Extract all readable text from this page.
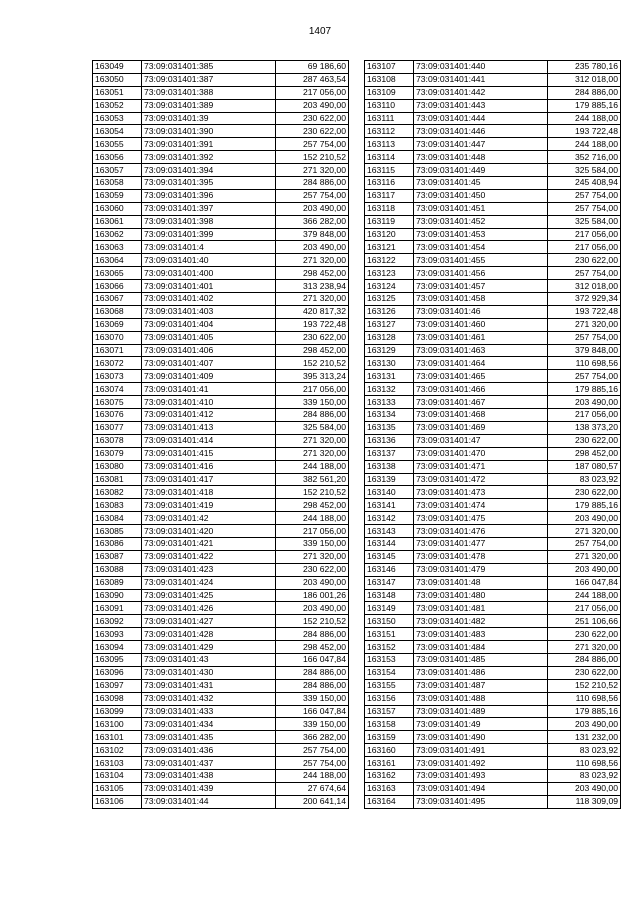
1407
163049	73:09:031401:385	69 186,60
163050	73:09:031401:387	287 463,54
163051	73:09:031401:388	217 056,00
163052	73:09:031401:389	203 490,00
163053	73:09:031401:39	230 622,00
163054	73:09:031401:390	230 622,00
163055	73:09:031401:391	257 754,00
163056	73:09:031401:392	152 210,52
163057	73:09:031401:394	271 320,00
163058	73:09:031401:395	284 886,00
163059	73:09:031401:396	257 754,00
163060	73:09:031401:397	203 490,00
163061	73:09:031401:398	366 282,00
163062	73:09:031401:399	379 848,00
163063	73:09:031401:4	203 490,00
163064	73:09:031401:40	271 320,00
163065	73:09:031401:400	298 452,00
163066	73:09:031401:401	313 238,94
163067	73:09:031401:402	271 320,00
163068	73:09:031401:403	420 817,32
163069	73:09:031401:404	193 722,48
163070	73:09:031401:405	230 622,00
163071	73:09:031401:406	298 452,00
163072	73:09:031401:407	152 210,52
163073	73:09:031401:409	395 313,24
163074	73:09:031401:41	217 056,00
163075	73:09:031401:410	339 150,00
163076	73:09:031401:412	284 886,00
163077	73:09:031401:413	325 584,00
163078	73:09:031401:414	271 320,00
163079	73:09:031401:415	271 320,00
163080	73:09:031401:416	244 188,00
163081	73:09:031401:417	382 561,20
163082	73:09:031401:418	152 210,52
163083	73:09:031401:419	298 452,00
163084	73:09:031401:42	244 188,00
163085	73:09:031401:420	217 056,00
163086	73:09:031401:421	339 150,00
163087	73:09:031401:422	271 320,00
163088	73:09:031401:423	230 622,00
163089	73:09:031401:424	203 490,00
163090	73:09:031401:425	186 001,26
163091	73:09:031401:426	203 490,00
163092	73:09:031401:427	152 210,52
163093	73:09:031401:428	284 886,00
163094	73:09:031401:429	298 452,00
163095	73:09:031401:43	166 047,84
163096	73:09:031401:430	284 886,00
163097	73:09:031401:431	284 886,00
163098	73:09:031401:432	339 150,00
163099	73:09:031401:433	166 047,84
163100	73:09:031401:434	339 150,00
163101	73:09:031401:435	366 282,00
163102	73:09:031401:436	257 754,00
163103	73:09:031401:437	257 754,00
163104	73:09:031401:438	244 188,00
163105	73:09:031401:439	27 674,64
163106	73:09:031401:44	200 641,14
163107	73:09:031401:440	235 780,16
163108	73:09:031401:441	312 018,00
163109	73:09:031401:442	284 886,00
163110	73:09:031401:443	179 885,16
163111	73:09:031401:444	244 188,00
163112	73:09:031401:446	193 722,48
163113	73:09:031401:447	244 188,00
163114	73:09:031401:448	352 716,00
163115	73:09:031401:449	325 584,00
163116	73:09:031401:45	245 408,94
163117	73:09:031401:450	257 754,00
163118	73:09:031401:451	257 754,00
163119	73:09:031401:452	325 584,00
163120	73:09:031401:453	217 056,00
163121	73:09:031401:454	217 056,00
163122	73:09:031401:455	230 622,00
163123	73:09:031401:456	257 754,00
163124	73:09:031401:457	312 018,00
163125	73:09:031401:458	372 929,34
163126	73:09:031401:46	193 722,48
163127	73:09:031401:460	271 320,00
163128	73:09:031401:461	257 754,00
163129	73:09:031401:463	379 848,00
163130	73:09:031401:464	110 698,56
163131	73:09:031401:465	257 754,00
163132	73:09:031401:466	179 885,16
163133	73:09:031401:467	203 490,00
163134	73:09:031401:468	217 056,00
163135	73:09:031401:469	138 373,20
163136	73:09:031401:47	230 622,00
163137	73:09:031401:470	298 452,00
163138	73:09:031401:471	187 080,57
163139	73:09:031401:472	83 023,92
163140	73:09:031401:473	230 622,00
163141	73:09:031401:474	179 885,16
163142	73:09:031401:475	203 490,00
163143	73:09:031401:476	271 320,00
163144	73:09:031401:477	257 754,00
163145	73:09:031401:478	271 320,00
163146	73:09:031401:479	203 490,00
163147	73:09:031401:48	166 047,84
163148	73:09:031401:480	244 188,00
163149	73:09:031401:481	217 056,00
163150	73:09:031401:482	251 106,66
163151	73:09:031401:483	230 622,00
163152	73:09:031401:484	271 320,00
163153	73:09:031401:485	284 886,00
163154	73:09:031401:486	230 622,00
163155	73:09:031401:487	152 210,52
163156	73:09:031401:488	110 698,56
163157	73:09:031401:489	179 885,16
163158	73:09:031401:49	203 490,00
163159	73:09:031401:490	131 232,00
163160	73:09:031401:491	83 023,92
163161	73:09:031401:492	110 698,56
163162	73:09:031401:493	83 023,92
163163	73:09:031401:494	203 490,00
163164	73:09:031401:495	118 309,09
